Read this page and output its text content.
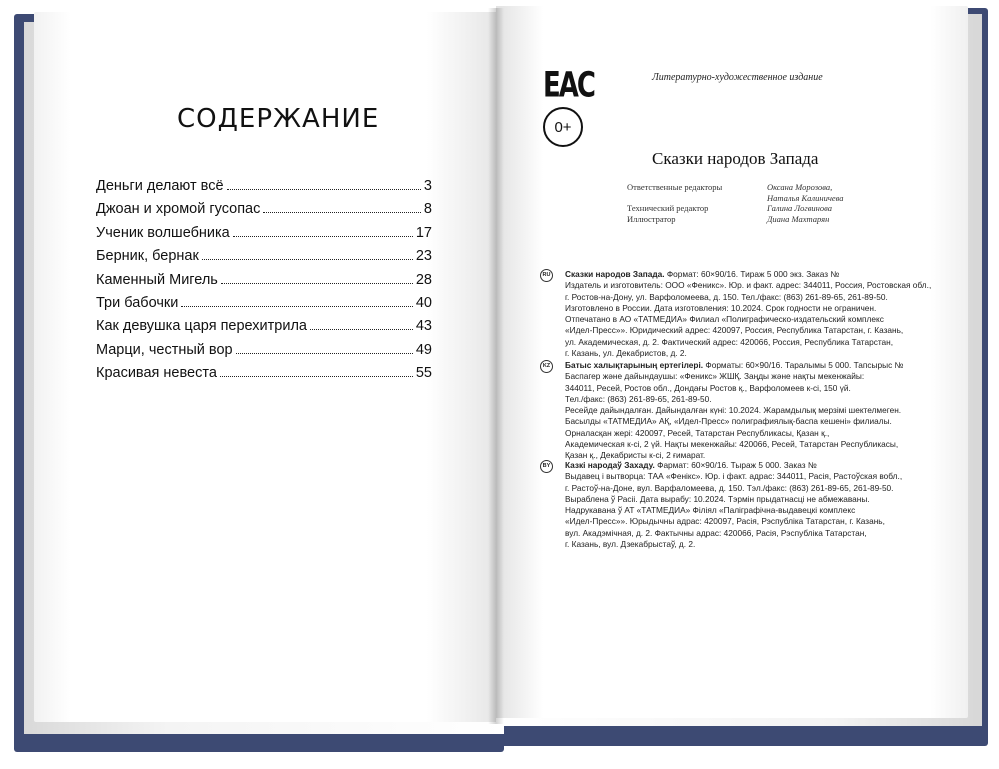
СОДЕРЖАНИЕ
Деньги делают всё	3
Джоан и хромой гусопас	8
Ученик волшебника	17
Берник, бернак	23
Каменный Мигель	28
Три бабочки	40
Как девушка царя перехитрила	43
Марци, честный вор	49
Красивая невеста	55
EAC
0+
Литературно-художественное издание
Сказки народов Запада
Ответственные редакторы	Оксана Морозова,
Наталья Калиничева
Технический редактор	Галина Логвинова
Иллюстратор	Диана Махтарян
RU	Сказки народов Запада. Формат: 60×90/16. Тираж 5 000 экз. Заказ №
Издатель и изготовитель: ООО «Феникс». Юр. и факт. адрес: 344011, Россия, Ростовская обл.,
г. Ростов-на-Дону, ул. Варфоломеева, д. 150. Тел./факс: (863) 261-89-65, 261-89-50.
Изготовлено в России. Дата изготовления: 10.2024. Срок годности не ограничен.
Отпечатано в АО «ТАТМЕДИА» Филиал «Полиграфическо-издательский комплекс
«Идел-Пресс»». Юридический адрес: 420097, Россия, Республика Татарстан, г. Казань,
ул. Академическая, д. 2. Фактический адрес: 420066, Россия, Республика Татарстан,
г. Казань, ул. Декабристов, д. 2.
KZ	Батыс халықтарының ертегілері. Форматы: 60×90/16. Таралымы 5 000. Тапсырыс №
Баспагер және дайындаушы: «Феникс» ЖШҚ. Заңды және нақты мекенжайы:
344011, Ресей, Ростов обл., Дондағы Ростов қ., Варфоломеев к-сі, 150 үй.
Тел./факс: (863) 261-89-65, 261-89-50.
Ресейде дайындалған. Дайындалған күні: 10.2024. Жарамдылық мерзімі шектелмеген.
Басылды «ТАТМЕДИА» АҚ, «Идел-Пресс» полиграфиялық-баспа кешені» филиалы.
Орналасқан жері: 420097, Ресей, Татарстан Республикасы, Қазан қ.,
Академическая к-сі, 2 үй. Нақты мекенжайы: 420066, Ресей, Татарстан Республикасы,
Қазан қ., Декабристы к-сі, 2 ғимарат.
BY	Казкі народаў Захаду. Фармат: 60×90/16. Тыраж 5 000. Заказ №
Выдавец і вытворца: ТАА «Фенікс». Юр. і факт. адрас: 344011, Расія, Растоўская вобл.,
г. Растоў-на-Доне, вул. Варфаломеева, д. 150. Тэл./факс: (863) 261-89-65, 261-89-50.
Выраблена ў Расіі. Дата вырабу: 10.2024. Тэрмін прыдатнасці не абмежаваны.
Надрукавана ў АТ «ТАТМЕДИА» Філіял «Паліграфічна-выдавецкі комплекс
«Идел-Пресс»». Юрыдычны адрас: 420097, Расія, Рэспубліка Татарстан, г. Казань,
вул. Акадэмічная, д. 2. Фактычны адрас: 420066, Расія, Рэспубліка Татарстан,
г. Казань, вул. Дзекабрыстаў, д. 2.
